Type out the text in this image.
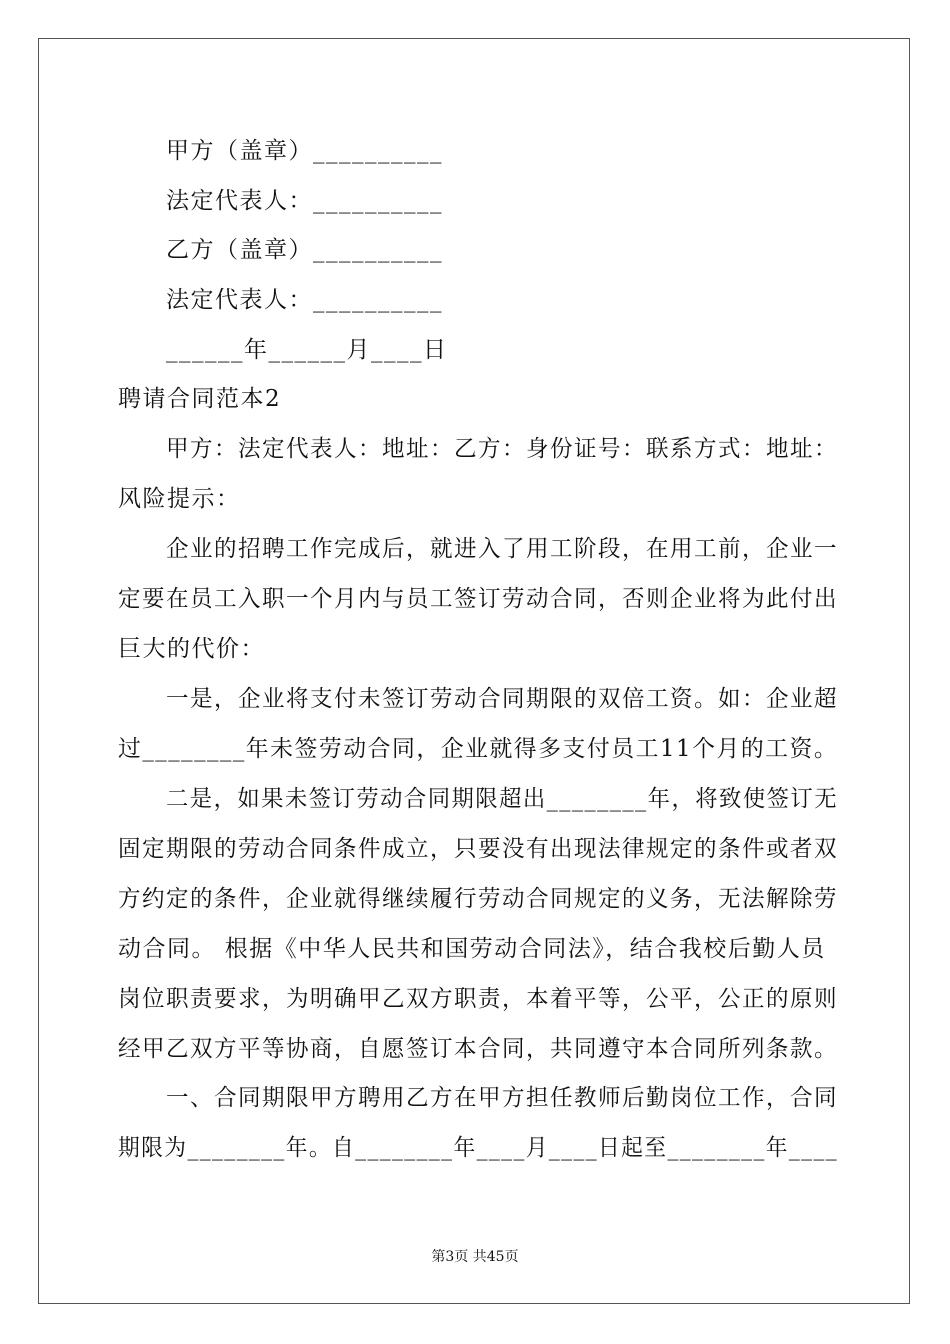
甲方（盖章）__________
法定代表人：__________
乙方（盖章）__________
法定代表人：__________
______年______月____日
聘请合同范本2
甲方：法定代表人：地址：乙方：身份证号：联系方式：地址：
风险提示：
企业的招聘工作完成后，就进入了用工阶段，在用工前，企业一
定要在员工入职一个月内与员工签订劳动合同，否则企业将为此付出
巨大的代价：
一是，企业将支付未签订劳动合同期限的双倍工资。如：企业超
过________年未签劳动合同，企业就得多支付员工11个月的工资。
二是，如果未签订劳动合同期限超出________年，将致使签订无
固定期限的劳动合同条件成立，只要没有出现法律规定的条件或者双
方约定的条件，企业就得继续履行劳动合同规定的义务，无法解除劳
动合同。 根据《中华人民共和国劳动合同法》，结合我校后勤人员
岗位职责要求，为明确甲乙双方职责，本着平等，公平，公正的原则
经甲乙双方平等协商，自愿签订本合同，共同遵守本合同所列条款。
一、合同期限甲方聘用乙方在甲方担任教师后勤岗位工作，合同
期限为________年。自________年____月____日起至________年____
第3页 共45页
